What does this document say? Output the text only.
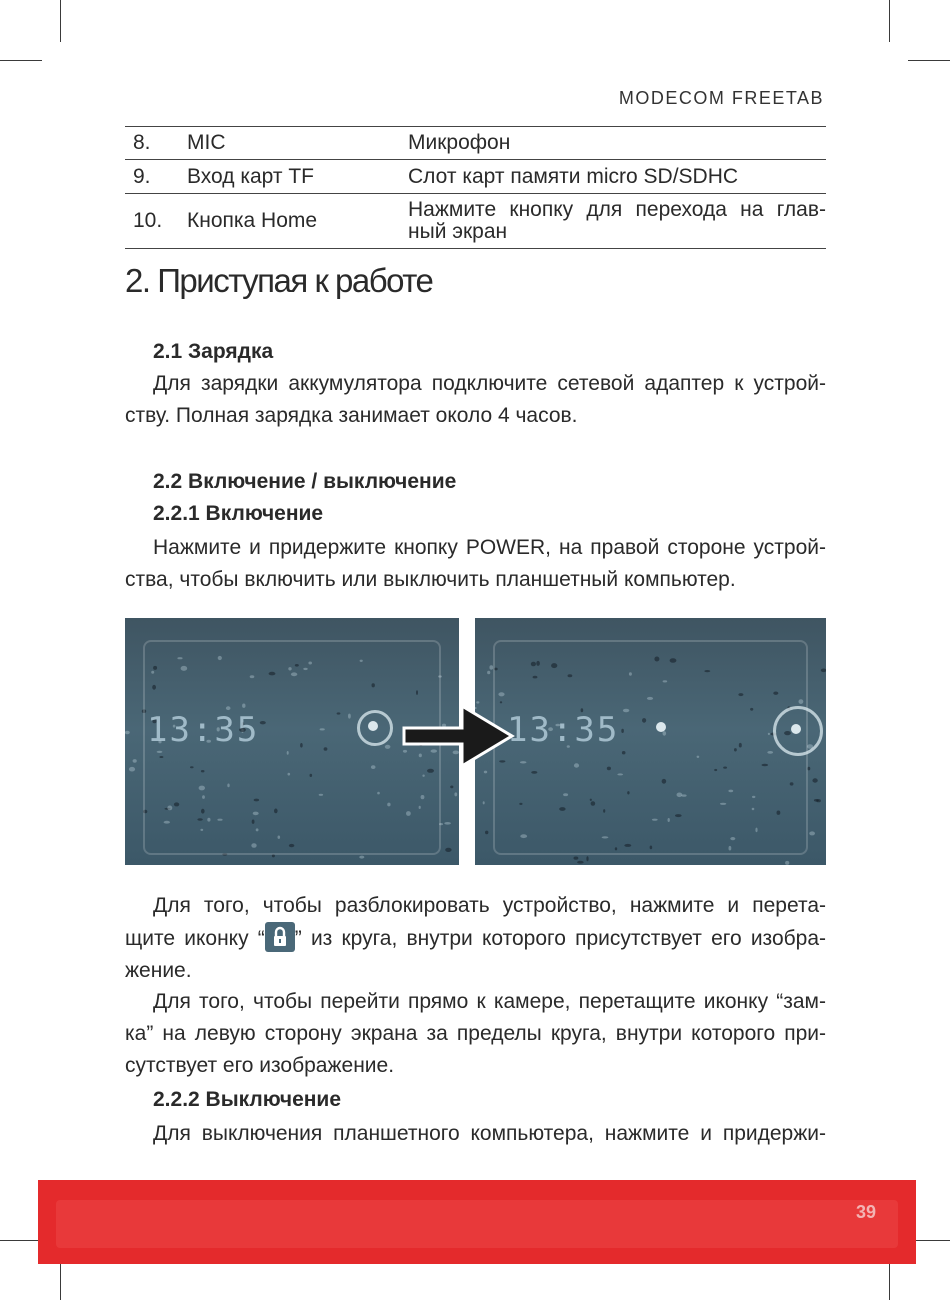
MODECOM FREETAB
8.	MIC	Микрофон
9.	Вход карт TF	Слот карт памяти micro SD/SDHC
10.	Кнопка Home	Нажмите кнопку для перехода на глав-
ный экран
2. Приступая к работе
2.1 Зарядка
Для зарядки аккумулятора подключите сетевой адаптер к устрой-
ству. Полная зарядка занимает около 4 часов.
2.2 Включение / выключение
2.2.1 Включение
Нажмите и придержите кнопку POWER, на правой стороне устрой-
ства, чтобы включить или выключить планшетный компьютер.
13:35	13:35
Для того, чтобы разблокировать устройство, нажмите и перета-
щите иконку “ ” из круга, внутри которого присутствует его изобра-
жение.
Для того, чтобы перейти прямо к камере, перетащите иконку “зам-
ка” на левую сторону экрана за пределы круга, внутри которого при-
сутствует его изображение.
2.2.2 Выключение
Для выключения планшетного компьютера, нажмите и придержи-
39
